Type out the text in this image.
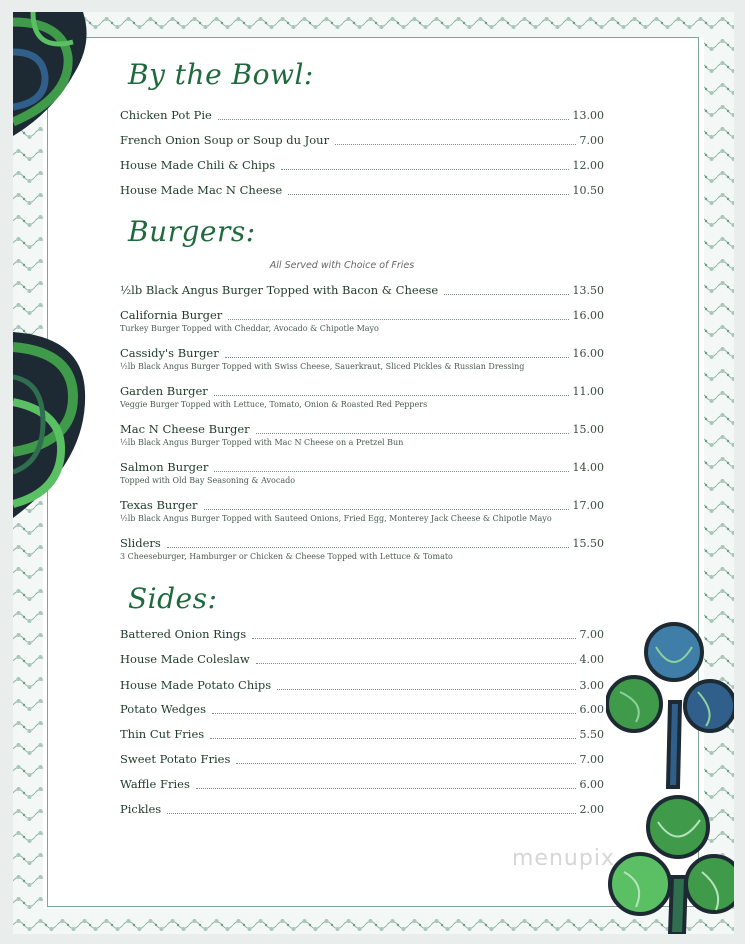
By the Bowl:
Burgers:
All Served with Choice of Fries
Sides:
Chicken Pot Pie	13.00
French Onion Soup or Soup du Jour	7.00
House Made Chili & Chips	12.00
House Made Mac N Cheese	10.50
½lb Black Angus Burger Topped with Bacon & Cheese	13.50
California Burger	16.00
Turkey Burger Topped with Cheddar, Avocado & Chipotle Mayo
Cassidy's Burger	16.00
½lb Black Angus Burger Topped with Swiss Cheese, Sauerkraut, Sliced Pickles & Russian Dressing
Garden Burger	11.00
Veggie Burger Topped with Lettuce, Tomato, Onion & Roasted Red Peppers
Mac N Cheese Burger	15.00
½lb Black Angus Burger Topped with Mac N Cheese on a Pretzel Bun
Salmon Burger	14.00
Topped with Old Bay Seasoning & Avocado
Texas Burger	17.00
½lb Black Angus Burger Topped with Sauteed Onions, Fried Egg, Monterey Jack Cheese & Chipotle Mayo
Sliders	15.50
3 Cheeseburger, Hamburger or Chicken & Cheese Topped with Lettuce & Tomato
Battered Onion Rings	7.00
House Made Coleslaw	4.00
House Made Potato Chips	3.00
Potato Wedges	6.00
Thin Cut Fries	5.50
Sweet Potato Fries	7.00
Waffle Fries	6.00
Pickles	2.00
menupix
